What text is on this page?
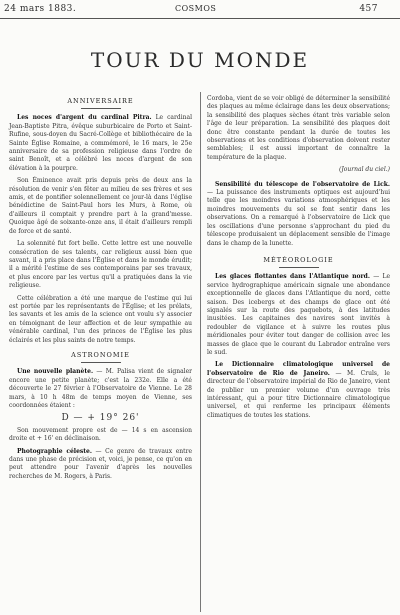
24 mars 1883.	COSMOS	457
TOUR DU MONDE
ANNIVERSAIRE

Les noces d'argent du cardinal Pitra. Le cardinal Jean-Baptiste Pitra, évêque suburbicaire de Porto et Saint-Rufine, sous-doyen du Sacré-Collège et bibliothécaire de la Sainte Église Romaine, a commémoré, le 16 mars, le 25e anniversaire de sa profession religieuse dans l'ordre de saint Benoît, et a célébré les noces d'argent de son élévation à la pourpre.

Son Éminence avait pris depuis près de deux ans la résolution de venir s'en fêter au milieu de ses frères et ses amis, et de pontifier solennellement ce jour-là dans l'église bénédictine de Saint-Paul hors les Murs, à Rome, où d'ailleurs il comptait y prendre part à la grand'messe. Quoique âgé de soixante-onze ans, il était d'ailleurs rempli de force et de santé.

La solennité fut fort belle. Cette lettre est une nouvelle consécration de ses talents, car religieux aussi bien que savant, il a pris place dans l'Église et dans le monde érudit; il a mérité l'estime de ses contemporains par ses travaux, et plus encore par les vertus qu'il a pratiquées dans la vie religieuse.

Cette célébration a été une marque de l'estime qui lui est portée par les représentants de l'Église; et les prélats, les savants et les amis de la science ont voulu s'y associer en témoignant de leur affection et de leur sympathie au vénérable cardinal, l'un des princes de l'Église les plus éclairés et les plus saints de notre temps.

ASTRONOMIE

Une nouvelle planète. — M. Palisa vient de signaler encore une petite planète; c'est la 232e. Elle a été découverte le 27 février à l'Observatoire de Vienne. Le 28 mars, à 10 h 48m de temps moyen de Vienne, ses coordonnées étaient :

D — + 19° 26'

Son mouvement propre est de — 14 s en ascension droite et + 16' en déclinaison.

Photographie céleste. — Ce genre de travaux entre dans une phase de précision et, voici, je pense, ce qu'on en peut attendre pour l'avenir d'après les nouvelles recherches de M. Rogers, à Paris.

Cordoba, vient de se voir obligé de déterminer la sensibilité des plaques au même éclairage dans les deux observations; la sensibilité des plaques sèches étant très variable selon l'âge de leur préparation. La sensibilité des plaques doit donc être constante pendant la durée de toutes les observations et les conditions d'observation doivent rester semblables; il est aussi important de connaître la température de la plaque.

(Journal du ciel.)

Sensibilité du télescope de l'observatoire de Lick. — La puissance des instruments optiques est aujourd'hui telle que les moindres variations atmosphériques et les moindres mouvements du sol se font sentir dans les observations. On a remarqué à l'observatoire de Lick que les oscillations d'une personne s'approchant du pied du télescope produisaient un déplacement sensible de l'image dans le champ de la lunette.

MÉTÉOROLOGIE

Les glaces flottantes dans l'Atlantique nord. — Le service hydrographique américain signale une abondance exceptionnelle de glaces dans l'Atlantique du nord, cette saison. Des icebergs et des champs de glace ont été signalés sur la route des paquebots, à des latitudes inusitées. Les capitaines des navires sont invités à redoubler de vigilance et à suivre les routes plus méridionales pour éviter tout danger de collision avec les masses de glace que le courant du Labrador entraîne vers le sud.

Le Dictionnaire climatologique universel de l'observatoire de Rio de Janeiro. — M. Cruls, le directeur de l'observatoire impérial de Rio de Janeiro, vient de publier un premier volume d'un ouvrage très intéressant, qui a pour titre Dictionnaire climatologique universel, et qui renferme les principaux éléments climatiques de toutes les stations.
